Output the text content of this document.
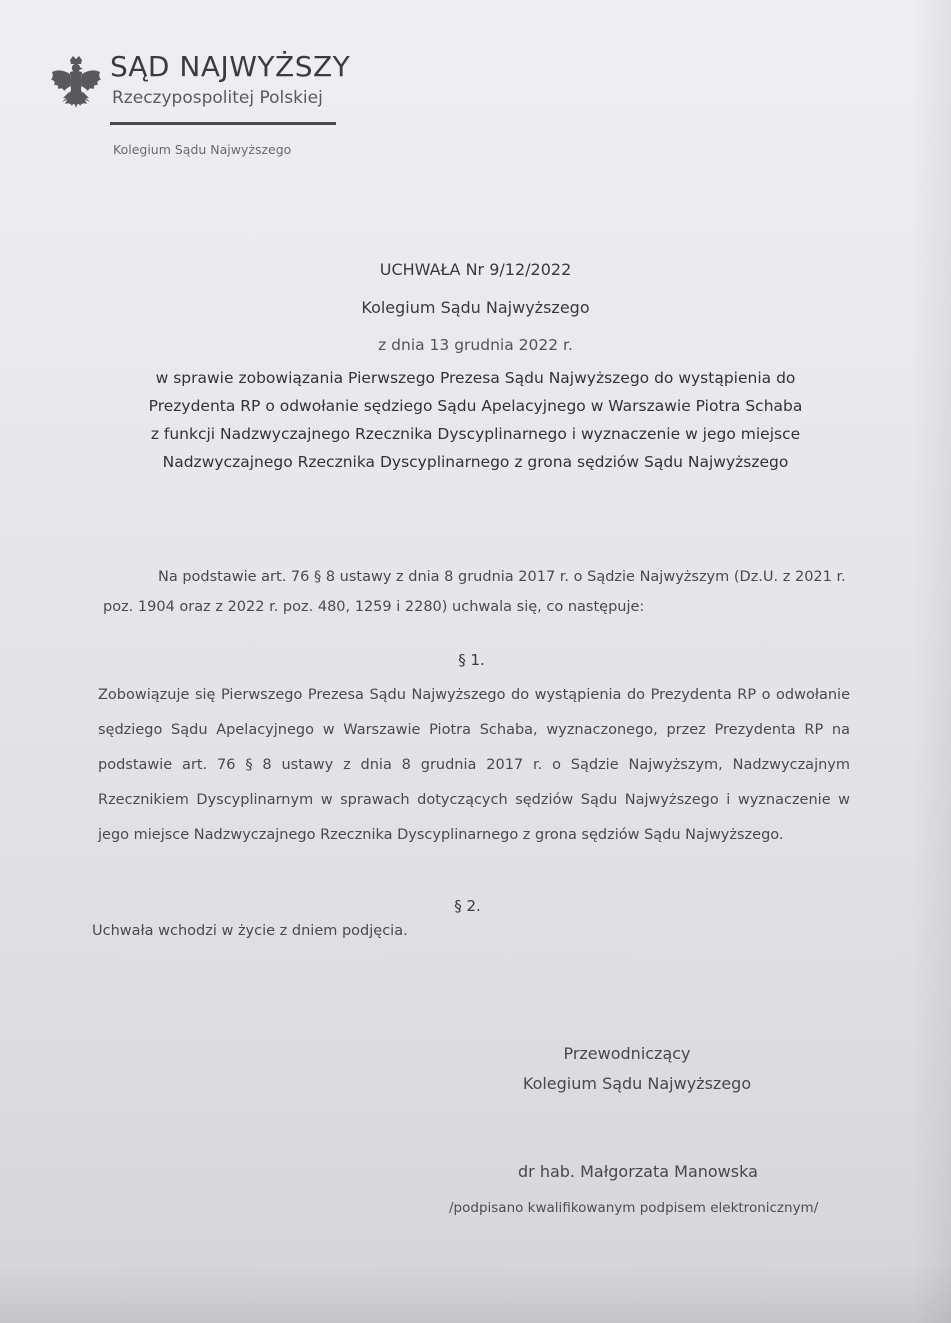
SĄD NAJWYŻSZY
Rzeczypospolitej Polskiej
Kolegium Sądu Najwyższego
UCHWAŁA Nr 9/12/2022
Kolegium Sądu Najwyższego
z dnia 13 grudnia 2022 r.
w sprawie zobowiązania Pierwszego Prezesa Sądu Najwyższego do wystąpienia do
Prezydenta RP o odwołanie sędziego Sądu Apelacyjnego w Warszawie Piotra Schaba
z funkcji Nadzwyczajnego Rzecznika Dyscyplinarnego i wyznaczenie w jego miejsce
Nadzwyczajnego Rzecznika Dyscyplinarnego z grona sędziów Sądu Najwyższego
Na podstawie art. 76 § 8 ustawy z dnia 8 grudnia 2017 r. o Sądzie Najwyższym (Dz.U. z 2021 r.
poz. 1904 oraz z 2022 r. poz. 480, 1259 i 2280) uchwala się, co następuje:
§ 1.
Zobowiązuje się Pierwszego Prezesa Sądu Najwyższego do wystąpienia do Prezydenta RP o odwołanie sędziego Sądu Apelacyjnego w Warszawie Piotra Schaba, wyznaczonego, przez Prezydenta RP na podstawie art. 76 § 8 ustawy z dnia 8 grudnia 2017 r. o Sądzie Najwyższym, Nadzwyczajnym Rzecznikiem Dyscyplinarnym w sprawach dotyczących sędziów Sądu Najwyższego i wyznaczenie w jego miejsce Nadzwyczajnego Rzecznika Dyscyplinarnego z grona sędziów Sądu Najwyższego.
§ 2.
Uchwała wchodzi w życie z dniem podjęcia.
Przewodniczący
Kolegium Sądu Najwyższego
dr hab. Małgorzata Manowska
/podpisano kwalifikowanym podpisem elektronicznym/
